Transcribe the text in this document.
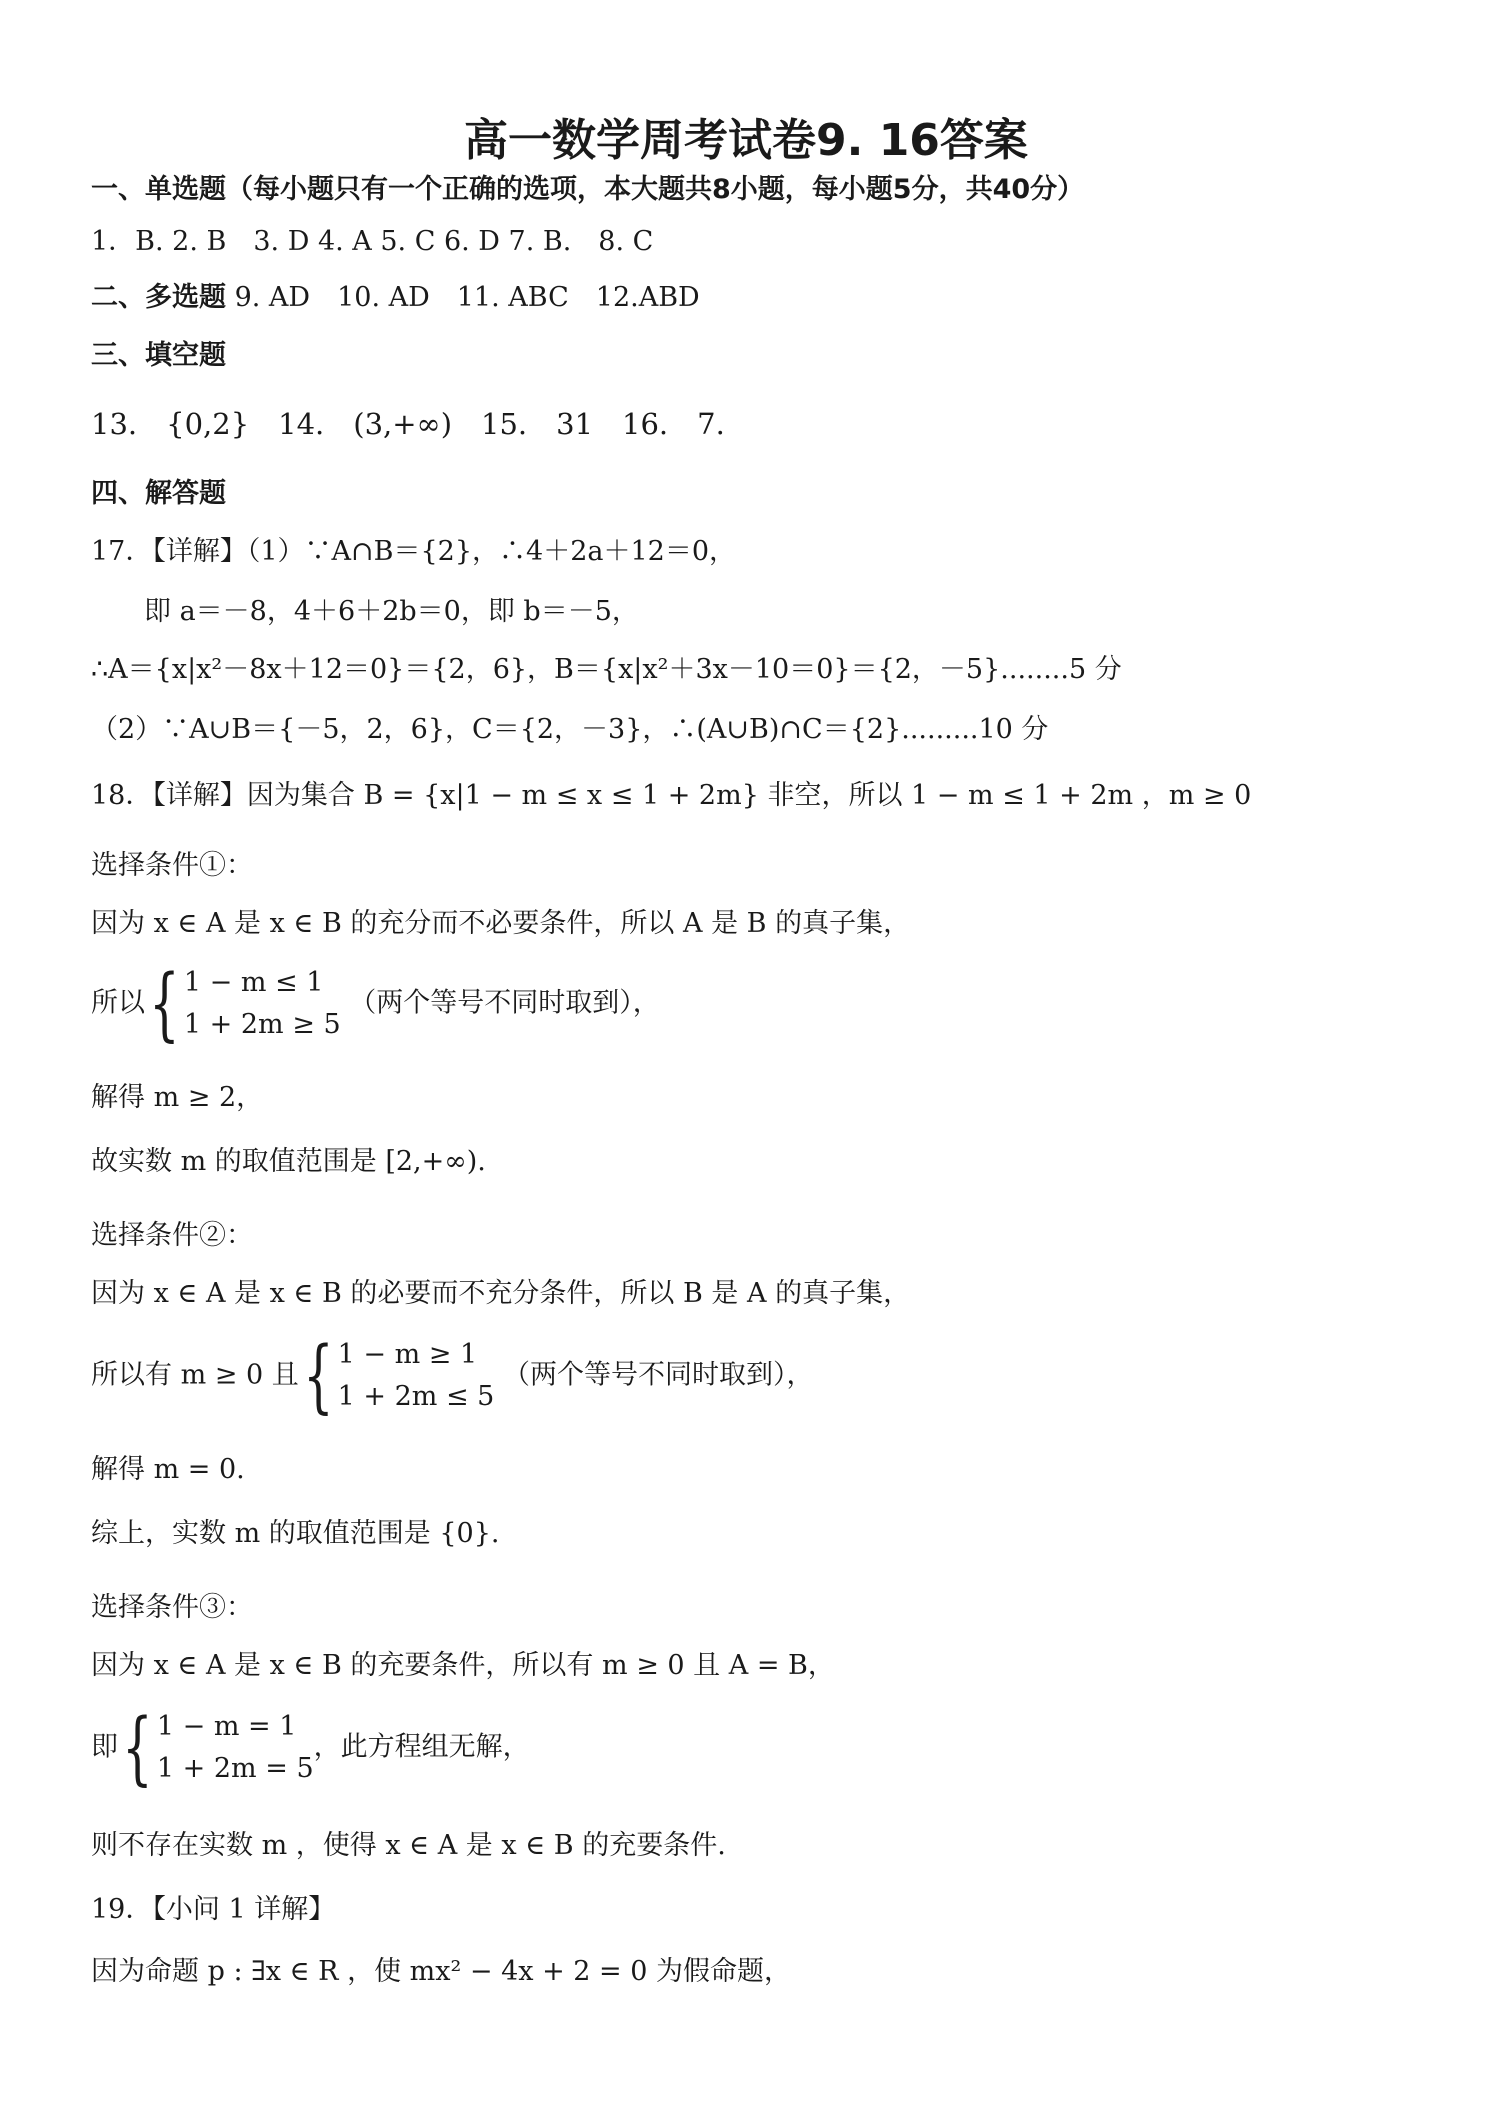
高一数学周考试卷9. 16答案
一、单选题（每小题只有一个正确的选项，本大题共8小题，每小题5分，共40分）
1．B. 2. B　3. D 4. A 5. C 6. D 7. B.　8. C
二、多选题 9. AD　10. AD　11. ABC　12.ABD
三、填空题
13.　{0,2}　14.　(3,+∞)　15.　31　16.　7.
四、解答题
17．【详解】（1）∵A∩B＝{2}，∴4＋2a＋12＝0，
即 a＝－8，4＋6＋2b＝0，即 b＝－5，
∴A＝{x|x²－8x＋12＝0}＝{2，6}，B＝{x|x²＋3x－10＝0}＝{2，－5}........5 分
（2）∵A∪B＝{－5，2，6}，C＝{2，－3}，∴(A∪B)∩C＝{2}.........10 分
18．【详解】因为集合 B = {x|1 − m ≤ x ≤ 1 + 2m} 非空，所以 1 − m ≤ 1 + 2m ，m ≥ 0
选择条件①：
因为 x ∈ A 是 x ∈ B 的充分而不必要条件，所以 A 是 B 的真子集，
所以{ 1 − m ≤ 1
1 + 2m ≥ 5
（两个等号不同时取到），
解得 m ≥ 2，
故实数 m 的取值范围是 [2,+∞).
选择条件②：
因为 x ∈ A 是 x ∈ B 的必要而不充分条件，所以 B 是 A 的真子集，
所以有 m ≥ 0 且{ 1 − m ≥ 1
1 + 2m ≤ 5
（两个等号不同时取到），
解得 m = 0.
综上，实数 m 的取值范围是 {0}.
选择条件③：
因为 x ∈ A 是 x ∈ B 的充要条件，所以有 m ≥ 0 且 A = B，
即{ 1 − m = 1
1 + 2m = 5
，此方程组无解，
则不存在实数 m ，使得 x ∈ A 是 x ∈ B 的充要条件.
19．【小问 1 详解】
因为命题 p : ∃x ∈ R ，使 mx² − 4x + 2 = 0 为假命题，
